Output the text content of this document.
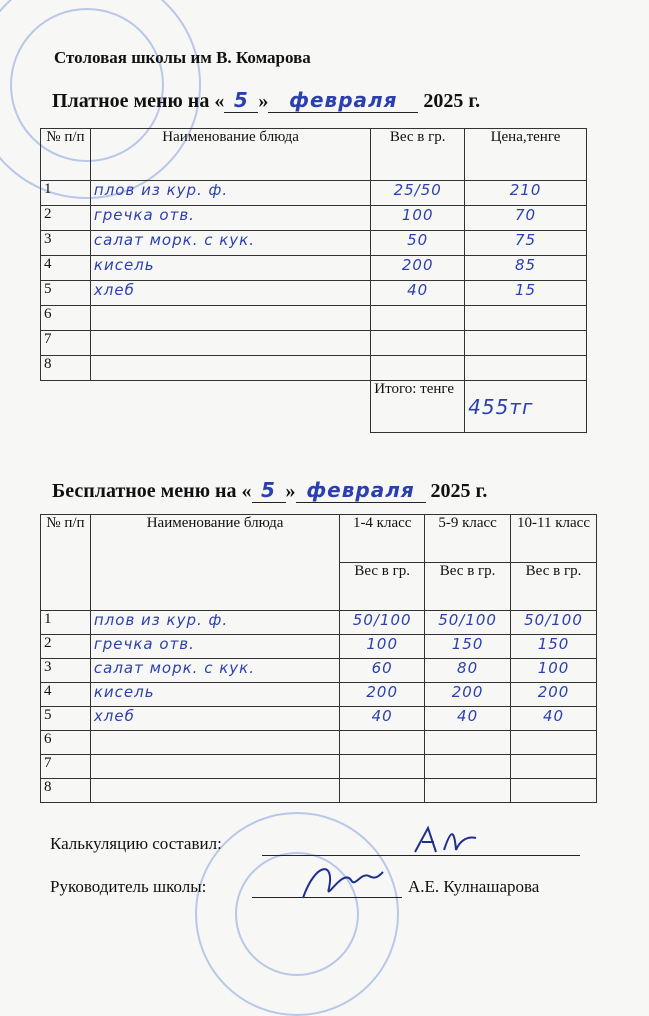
Столовая школы им В. Комарова
Платное меню на « 5 » февраля 2025 г.
№ п/п	Наименование блюда	Вес в гр.	Цена,тенге
1	плов из кур. ф.	25/50	210
2	гречка отв.	100	70
3	салат морк. с кук.	50	75
4	кисель	200	85
5	хлеб	40	15
6			
7			
8			
		Итого: тенге	455тг
Бесплатное меню на « 5 » февраля 2025 г.
№ п/п	Наименование блюда	1-4 класс	5-9 класс	10-11 класс
		Вес в гр.	Вес в гр.	Вес в гр.
1	плов из кур. ф.	50/100	50/100	50/100
2	гречка отв.	100	150	150
3	салат морк. с кук.	60	80	100
4	кисель	200	200	200
5	хлеб	40	40	40
6				
7				
8				
Калькуляцию составил:
Руководитель школы:	А.Е. Кулнашарова
